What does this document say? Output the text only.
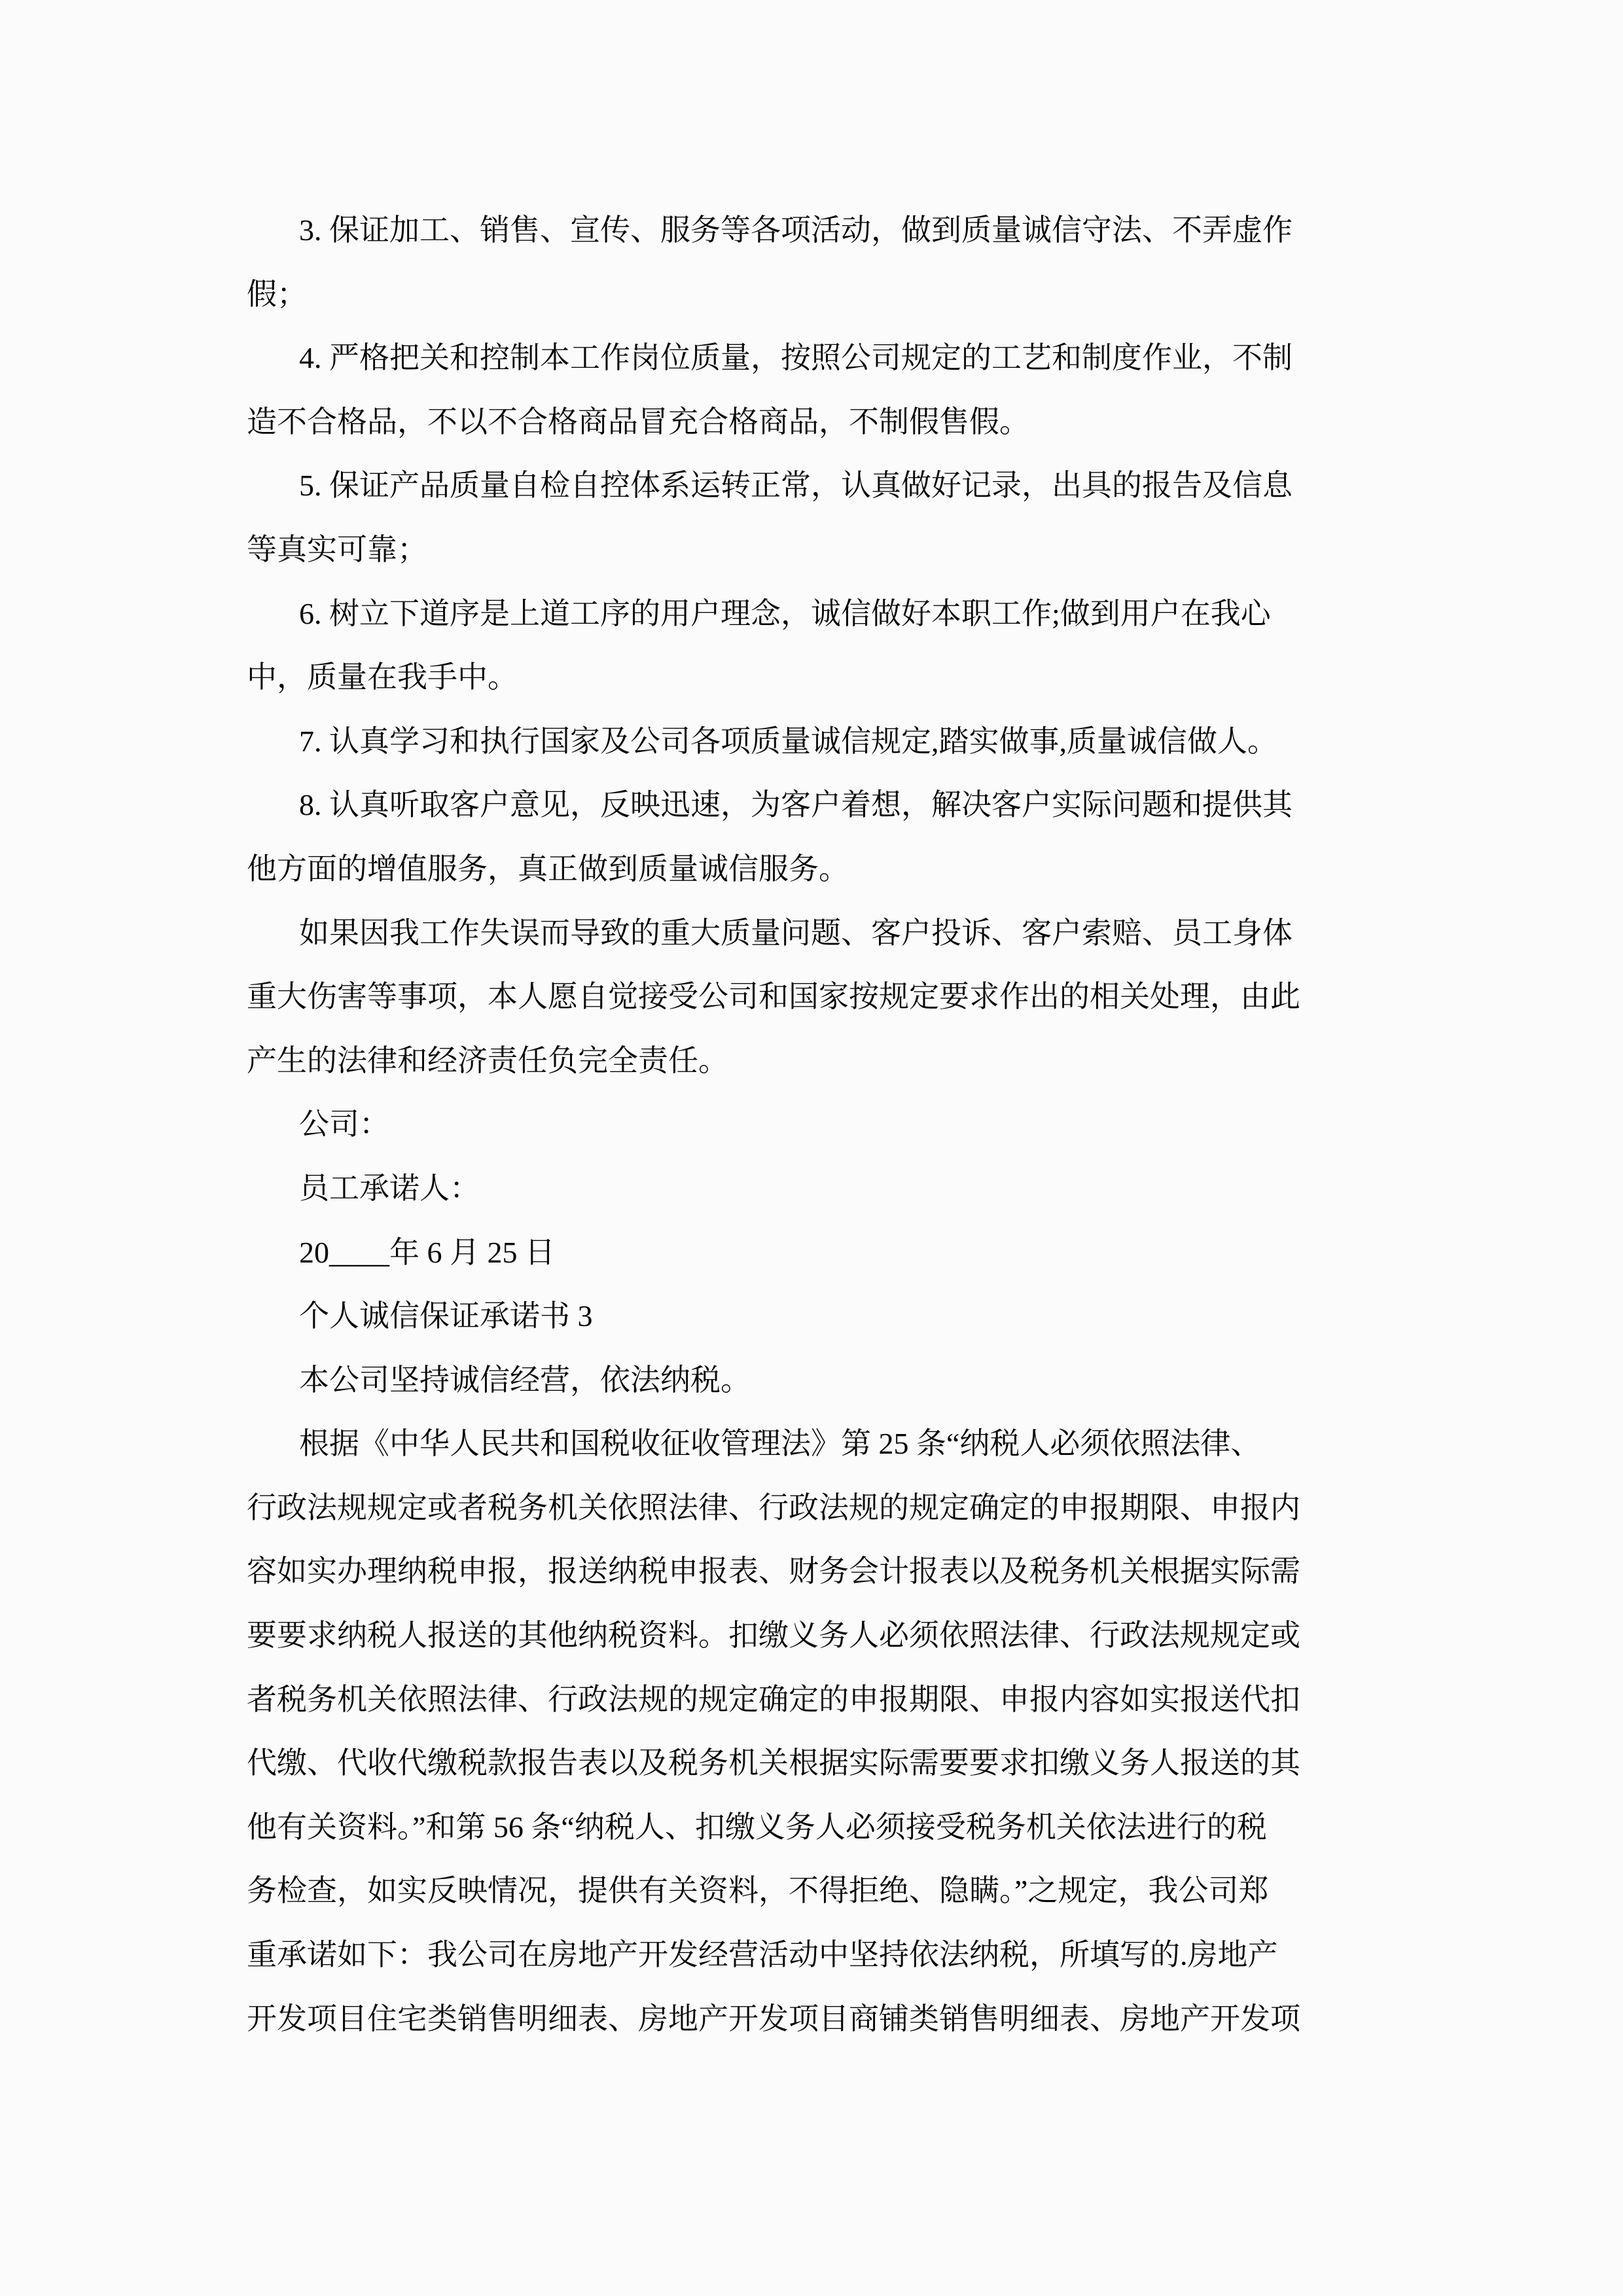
3. 保证加工、销售、宣传、服务等各项活动，做到质量诚信守法、不弄虚作
假；
4. 严格把关和控制本工作岗位质量，按照公司规定的工艺和制度作业，不制
造不合格品，不以不合格商品冒充合格商品，不制假售假。
5. 保证产品质量自检自控体系运转正常，认真做好记录，出具的报告及信息
等真实可靠；
6. 树立下道序是上道工序的用户理念，诚信做好本职工作;做到用户在我心
中，质量在我手中。
7. 认真学习和执行国家及公司各项质量诚信规定,踏实做事,质量诚信做人。
8. 认真听取客户意见，反映迅速，为客户着想，解决客户实际问题和提供其
他方面的增值服务，真正做到质量诚信服务。
如果因我工作失误而导致的重大质量问题、客户投诉、客户索赔、员工身体
重大伤害等事项，本人愿自觉接受公司和国家按规定要求作出的相关处理，由此
产生的法律和经济责任负完全责任。
公司：
员工承诺人：
20____年 6 月 25 日
个人诚信保证承诺书 3
本公司坚持诚信经营，依法纳税。
根据《中华人民共和国税收征收管理法》第 25 条“纳税人必须依照法律、
行政法规规定或者税务机关依照法律、行政法规的规定确定的申报期限、申报内
容如实办理纳税申报，报送纳税申报表、财务会计报表以及税务机关根据实际需
要要求纳税人报送的其他纳税资料。扣缴义务人必须依照法律、行政法规规定或
者税务机关依照法律、行政法规的规定确定的申报期限、申报内容如实报送代扣
代缴、代收代缴税款报告表以及税务机关根据实际需要要求扣缴义务人报送的其
他有关资料。”和第 56 条“纳税人、扣缴义务人必须接受税务机关依法进行的税
务检查，如实反映情况，提供有关资料，不得拒绝、隐瞒。”之规定，我公司郑
重承诺如下：我公司在房地产开发经营活动中坚持依法纳税，所填写的.房地产
开发项目住宅类销售明细表、房地产开发项目商铺类销售明细表、房地产开发项
